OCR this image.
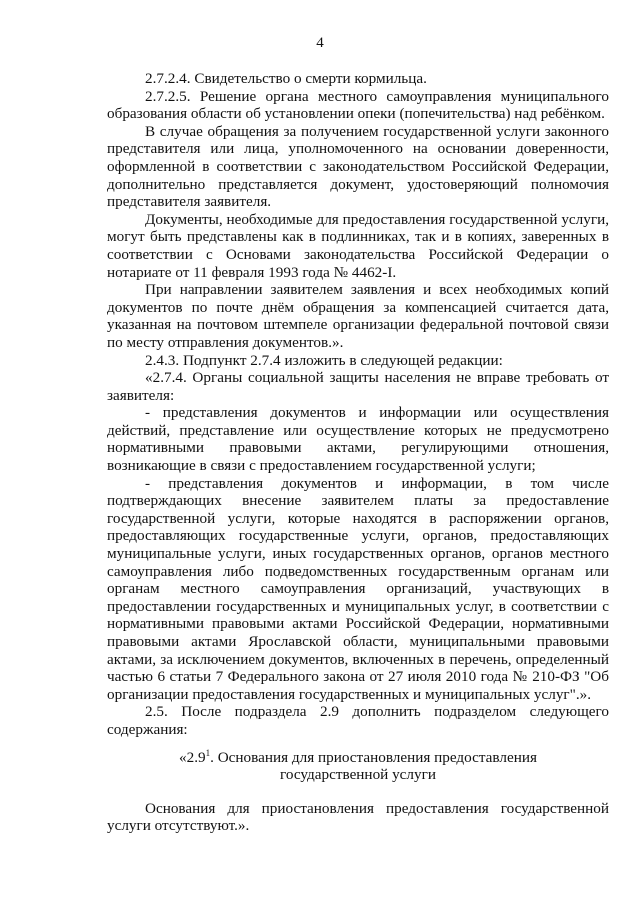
4

2.7.2.4. Свидетельство о смерти кормильца.

2.7.2.5. Решение органа местного самоуправления муниципального образования области об установлении опеки (попечительства) над ребёнком.

В случае обращения за получением государственной услуги законного представителя или лица, уполномоченного на основании доверенности, оформленной в соответствии с законодательством Российской Федерации, дополнительно представляется документ, удостоверяющий полномочия представителя заявителя.

Документы, необходимые для предоставления государственной услуги, могут быть представлены как в подлинниках, так и в копиях, заверенных в соответствии с Основами законодательства Российской Федерации о нотариате от 11 февраля 1993 года № 4462-I.

При направлении заявителем заявления и всех необходимых копий документов по почте днём обращения за компенсацией считается дата, указанная на почтовом штемпеле организации федеральной почтовой связи по месту отправления документов.».

2.4.3. Подпункт 2.7.4 изложить в следующей редакции:

«2.7.4. Органы социальной защиты населения не вправе требовать от заявителя:

- представления документов и информации или осуществления действий, представление или осуществление которых не предусмотрено нормативными правовыми актами, регулирующими отношения, возникающие в связи с предоставлением государственной услуги;

- представления документов и информации, в том числе подтверждающих внесение заявителем платы за предоставление государственной услуги, которые находятся в распоряжении органов, предоставляющих государственные услуги, органов, предоставляющих муниципальные услуги, иных государственных органов, органов местного самоуправления либо подведомственных государственным органам или органам местного самоуправления организаций, участвующих в предоставлении государственных и муниципальных услуг, в соответствии с нормативными правовыми актами Российской Федерации, нормативными правовыми актами Ярославской области, муниципальными правовыми актами, за исключением документов, включенных в перечень, определенный частью 6 статьи 7 Федерального закона от 27 июля 2010 года № 210-ФЗ "Об организации предоставления государственных и муниципальных услуг".».

2.5. После подраздела 2.9 дополнить подразделом следующего содержания:

«$2.9^1$. Основания для приостановления предоставления государственной услуги

Основания для приостановления предоставления государственной услуги отсутствуют.».
